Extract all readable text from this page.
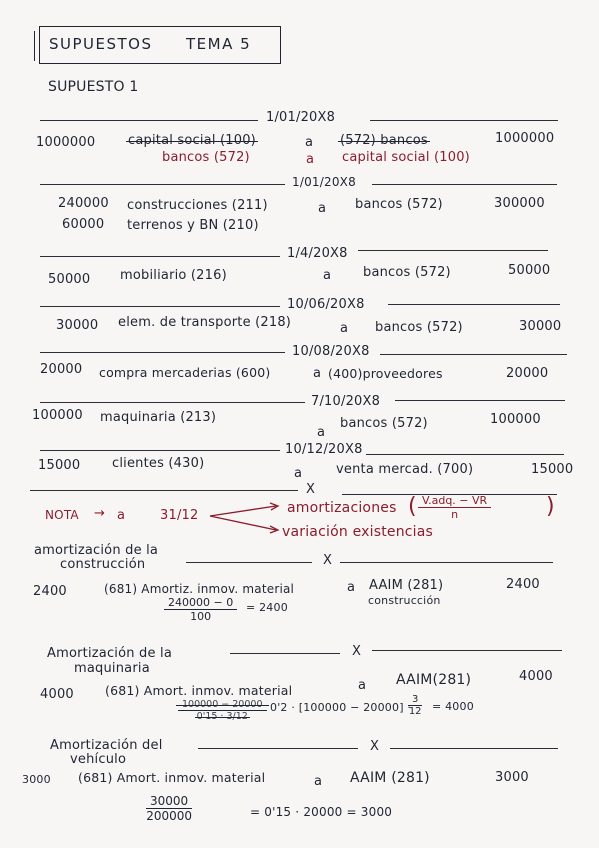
SUPUESTOS TEMA 5
SUPUESTO 1
1/01/20X8
1000000	capital social (100)	a (572) bancos	1000000
bancos (572)	a capital social (100)
1/01/20X8
240000 construcciones (211)	a bancos (572)	300000
60000 terrenos y BN (210)
1/4/20X8
50000 mobiliario (216)	a bancos (572)	50000
10/06/20X8
30000 elem. de transporte (218)	a bancos (572)	30000
10/08/20X8
20000 compra mercaderias (600)	a (400)proveedores	20000
7/10/20X8
100000 maquinaria (213)
a
bancos (572)	100000
10/12/20X8
15000 clientes (430)
a	venta mercad. (700)	15000
X
NOTA → a	31/12	amortizaciones ( V.adq. − VR
n	)
variación existencias
amortización de la
construcción	X
2400	(681) Amortiz. inmov. material	a AAIM (281)
construcción
2400
$\frac{240000 - 0}{100} = 2400$
Amortización de la
maquinaria
X
4000 (681) Amort. inmov. material	a AAIM(281)	4000
$\frac{100000 - 20000}{0'15 \cdot 3/12} 0'2 \cdot [100000 - 20000]$ ·
$\frac{3}{12} = 4000$
Amortización del
vehículo
X
3000 (681) Amort. inmov. material	a AAIM (281)	3000
$\frac{30000}{200000}$	= 0'15 · 20000 = 3000
